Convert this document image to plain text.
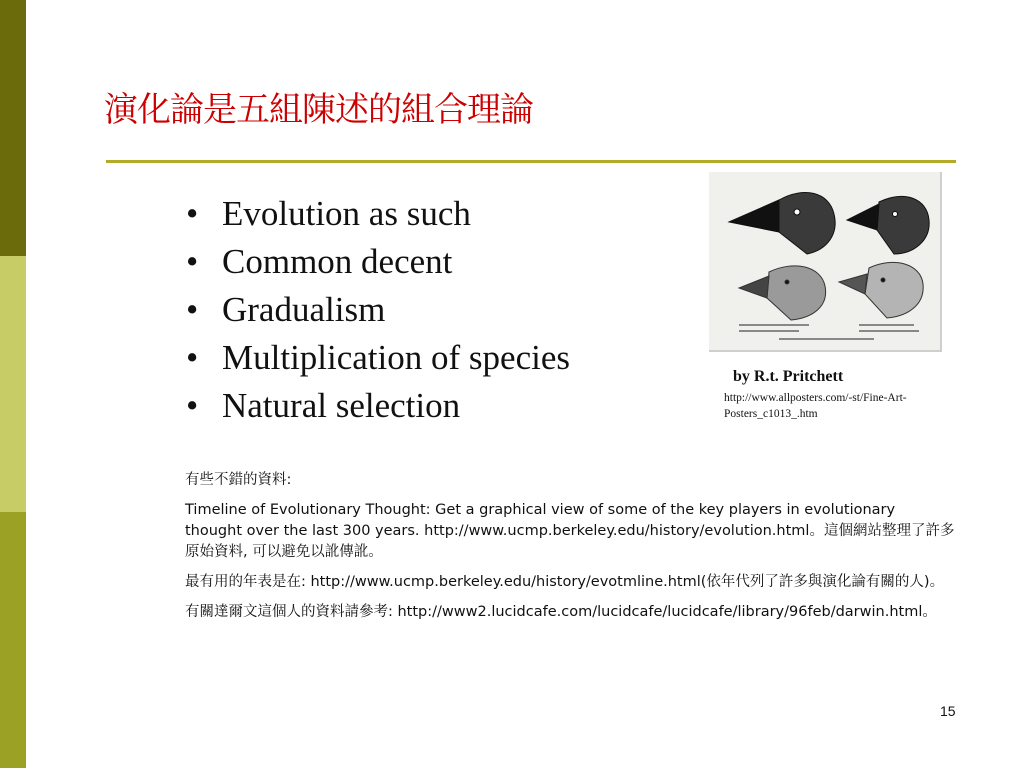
演化論是五組陳述的組合理論
• Evolution as such
• Common decent
• Gradualism
• Multiplication of species
• Natural selection

by R.t. Pritchett

http://www.allposters.com/-st/Fine-Art-
Posters_c1013_.htm

有些不錯的資料:

Timeline of Evolutionary Thought: Get a graphical view of some of the key players in evolutionary thought over the last 300 years. http://www.ucmp.berkeley.edu/history/evolution.html。這個網站整理了許多原始資料, 可以避免以訛傳訛。

最有用的年表是在: http://www.ucmp.berkeley.edu/history/evotmline.html(依年代列了許多與演化論有關的人)。

有關達爾文這個人的資料請參考: http://www2.lucidcafe.com/lucidcafe/lucidcafe/library/96feb/darwin.html。

15
